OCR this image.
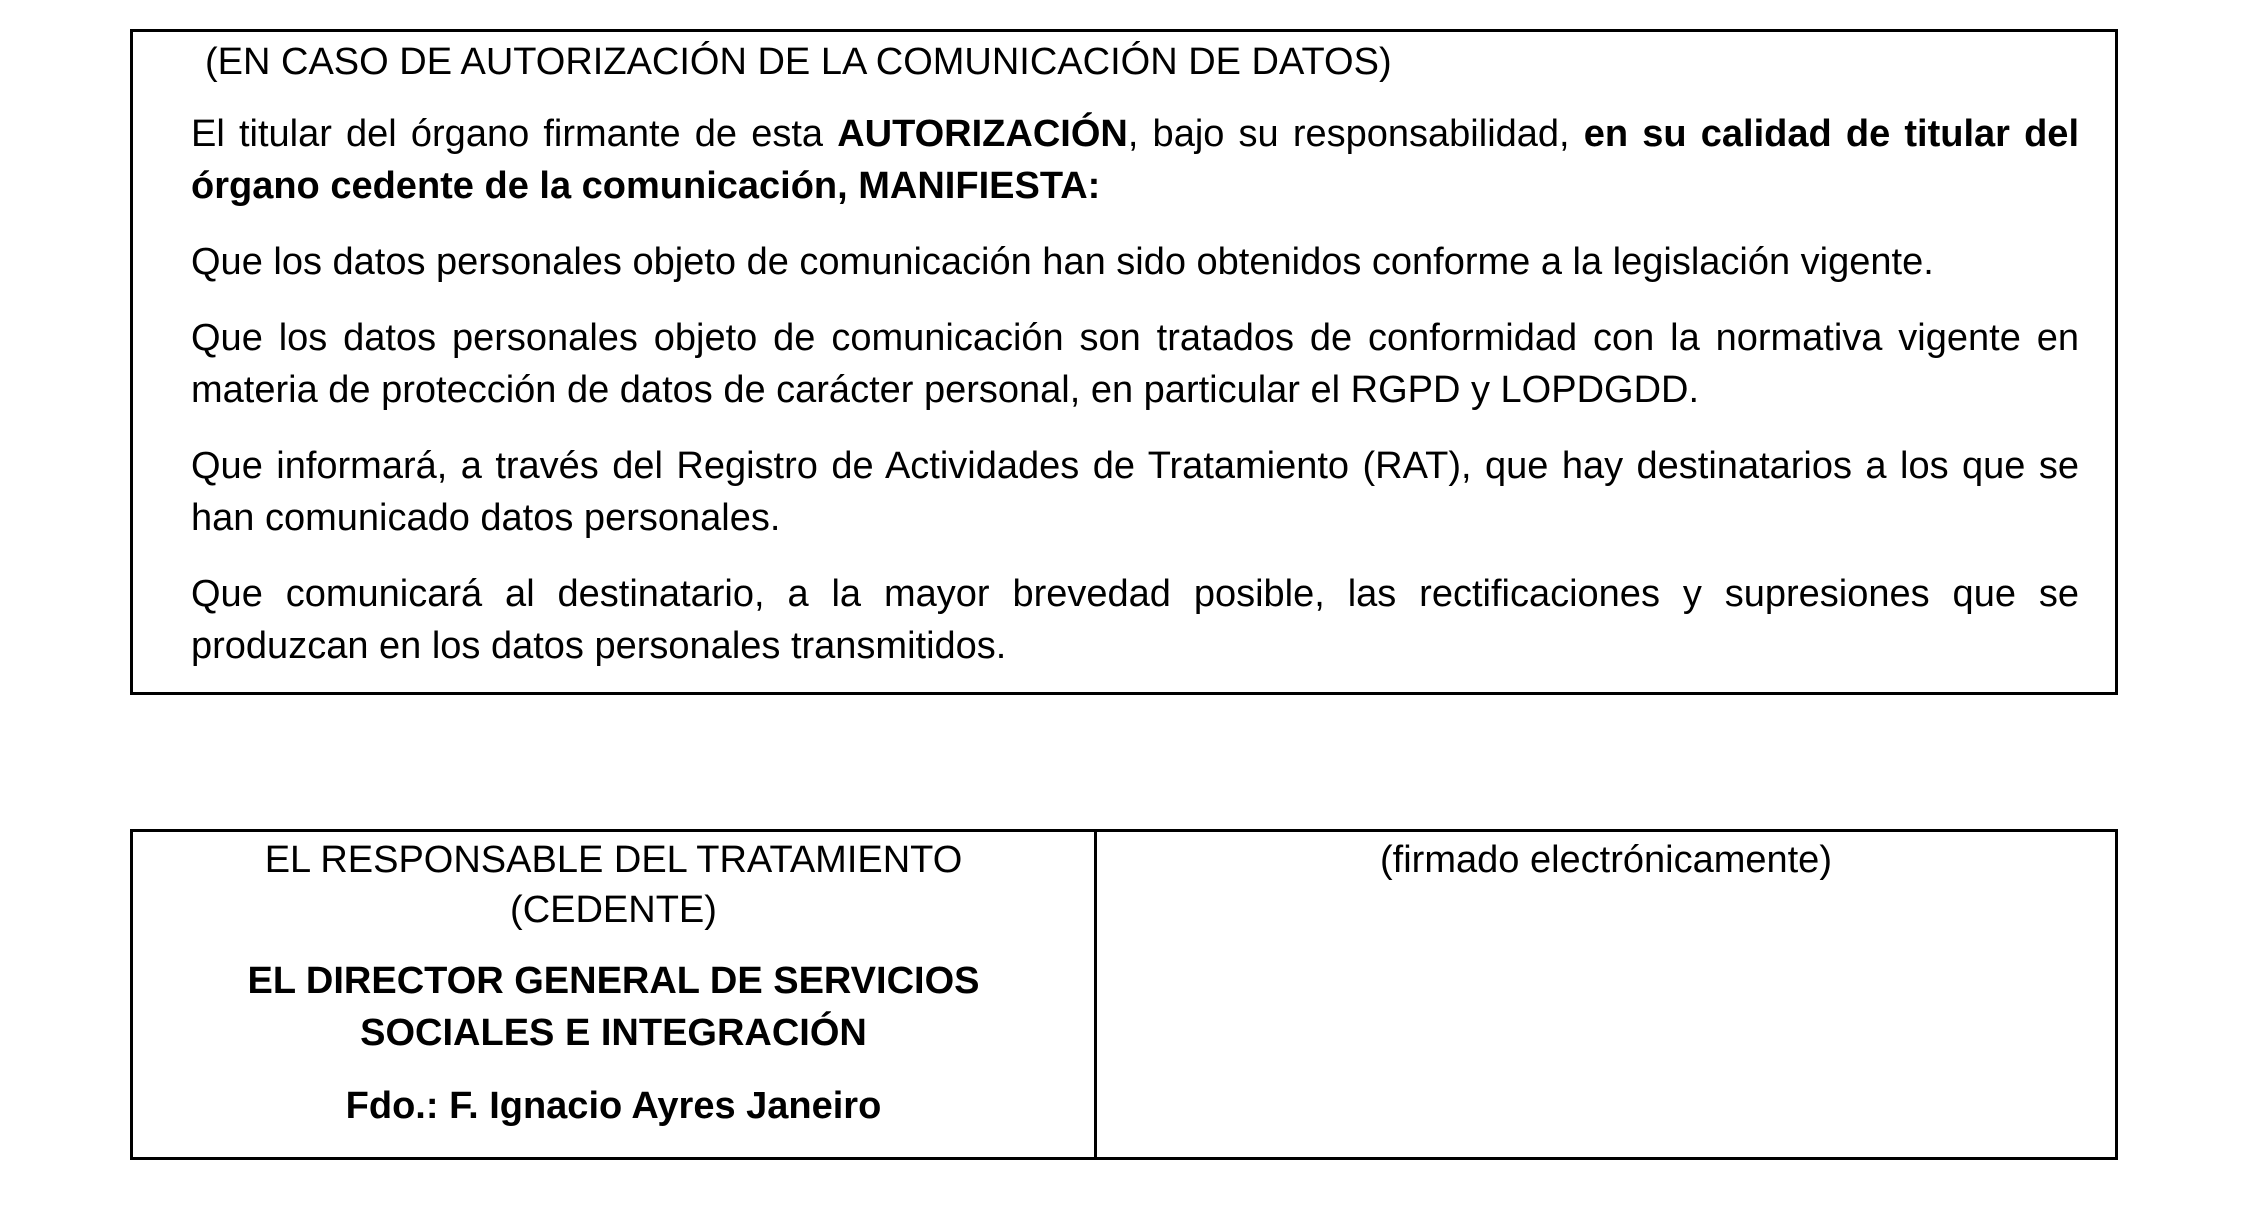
(EN CASO DE AUTORIZACIÓN DE LA COMUNICACIÓN DE DATOS)

El titular del órgano firmante de esta AUTORIZACIÓN, bajo su responsabilidad, en su calidad de titular del órgano cedente de la comunicación, MANIFIESTA:

Que los datos personales objeto de comunicación han sido obtenidos conforme a la legislación vigente.

Que los datos personales objeto de comunicación son tratados de conformidad con la normativa vigente en materia de protección de datos de carácter personal, en particular el RGPD y LOPDGDD.

Que informará, a través del Registro de Actividades de Tratamiento (RAT), que hay destinatarios a los que se han comunicado datos personales.

Que comunicará al destinatario, a la mayor brevedad posible, las rectificaciones y supresiones que se produzcan en los datos personales transmitidos.

EL RESPONSABLE DEL TRATAMIENTO
(CEDENTE)
EL DIRECTOR GENERAL DE SERVICIOS
SOCIALES E INTEGRACIÓN
Fdo.: F. Ignacio Ayres Janeiro
(firmado electrónicamente)
